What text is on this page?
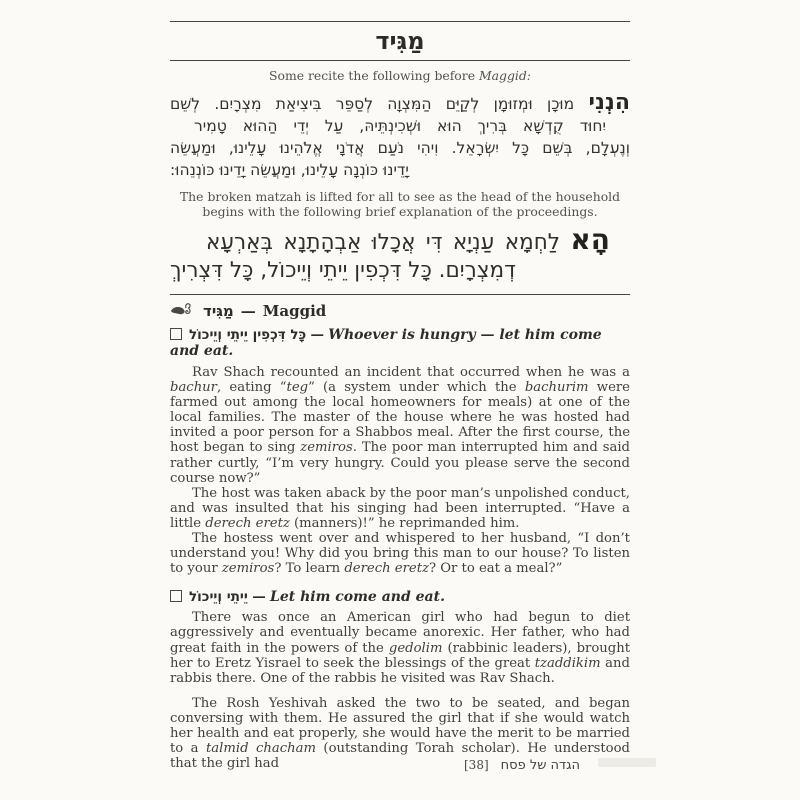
מַגִּיד
Some recite the following before Maggid:
הִנְנִי מוּכָן וּמְזוּמָן לְקַיֵּם הַמִּצְוָה לְסַפֵּר בִּיצִיאַת מִצְרָיִם. לְשֵׁם
יִחוּד קֻדְשָׁא בְּרִיךְ הוּא וּשְׁכִינְתֵּיהּ, עַל יְדֵי הַהוּא טָמִיר
וְנֶעְלָם, בְּשֵׁם כָּל יִשְׂרָאֵל. וִיהִי נֹעַם אֲדֹנָי אֱלֹהֵינוּ עָלֵינוּ, וּמַעֲשֵׂה
יָדֵינוּ כּוֹנְנָה עָלֵינוּ, וּמַעֲשֵׂה יָדֵינוּ כּוֹנְנֵהוּ:
The broken matzah is lifted for all to see as the head of the household
begins with the following brief explanation of the proceedings.
הָא לַחְמָא עַנְיָא דִּי אֲכָלוּ אַבְהָתָנָא בְּאַרְעָא
דְמִצְרָיִם. כָּל דִּכְפִין יֵיתֵי וְיֵיכוֹל, כָּל דִּצְרִיךְ
מַגִּיד — Maggid
כָּל דִּכְפִין יֵיתֵי וְיֵיכוֹל — Whoever is hungry — let him come and eat.

Rav Shach recounted an incident that occurred when he was a bachur, eating “teg” (a system under which the bachurim were farmed out among the local homeowners for meals) at one of the local families. The master of the house where he was hosted had invited a poor person for a Shabbos meal. After the first course, the host began to sing zemiros. The poor man interrupted him and said rather curtly, “I’m very hungry. Could you please serve the second course now?”

The host was taken aback by the poor man’s unpolished conduct, and was insulted that his singing had been interrupted. “Have a little derech eretz (manners)!” he reprimanded him.

The hostess went over and whispered to her husband, “I don’t understand you! Why did you bring this man to our house? To listen to your zemiros? To learn derech eretz? Or to eat a meal?”

יֵיתֵי וְיֵיכוֹל — Let him come and eat.

There was once an American girl who had begun to diet aggressively and eventually became anorexic. Her father, who had great faith in the powers of the gedolim (rabbinic leaders), brought her to Eretz Yisrael to seek the blessings of the great tzaddikim and rabbis there. One of the rabbis he visited was Rav Shach.

The Rosh Yeshivah asked the two to be seated, and began conversing with them. He assured the girl that if she would watch her health and eat properly, she would have the merit to be married to a talmid chacham (outstanding Torah scholar). He understood that the girl had	[38] הגדה של פסח
